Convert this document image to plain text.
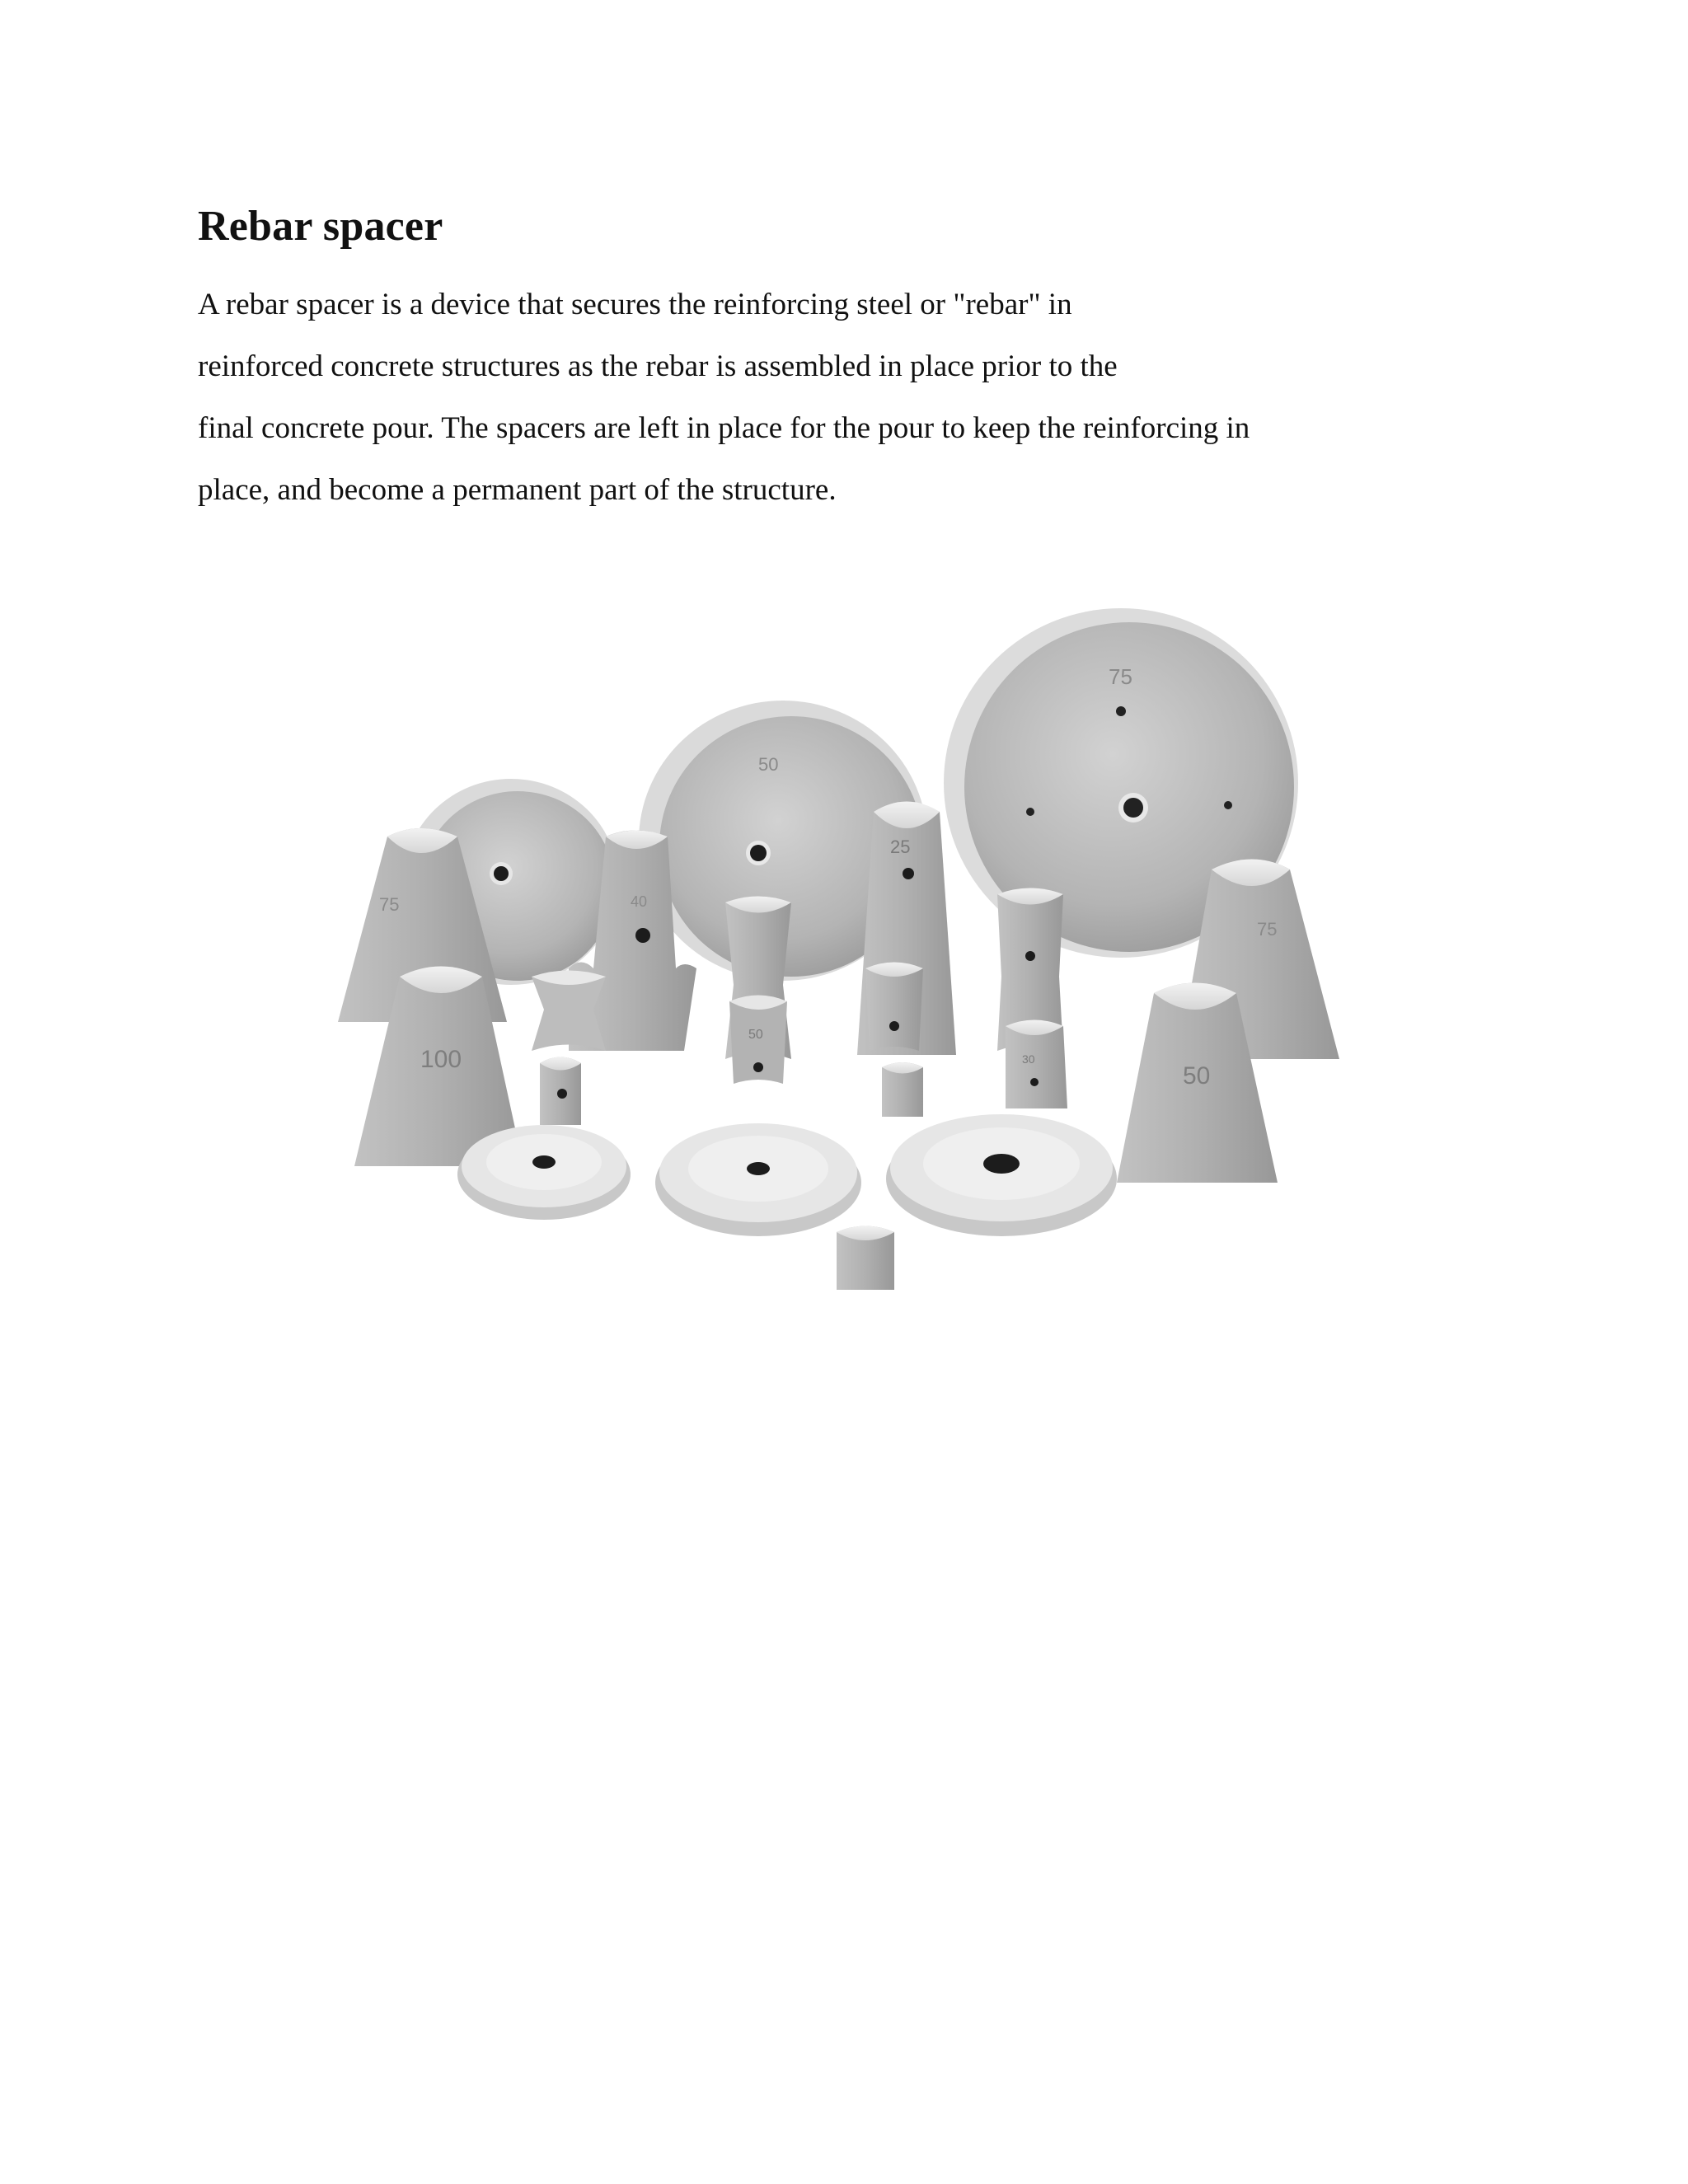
Rebar spacer

A rebar spacer is a device that secures the reinforcing steel or "rebar" in
reinforced concrete structures as the rebar is assembled in place prior to the
final concrete pour. The spacers are left in place for the pour to keep the reinforcing in
place, and become a permanent part of the structure.

75
50
75
100
25
75
50
40
50
30
